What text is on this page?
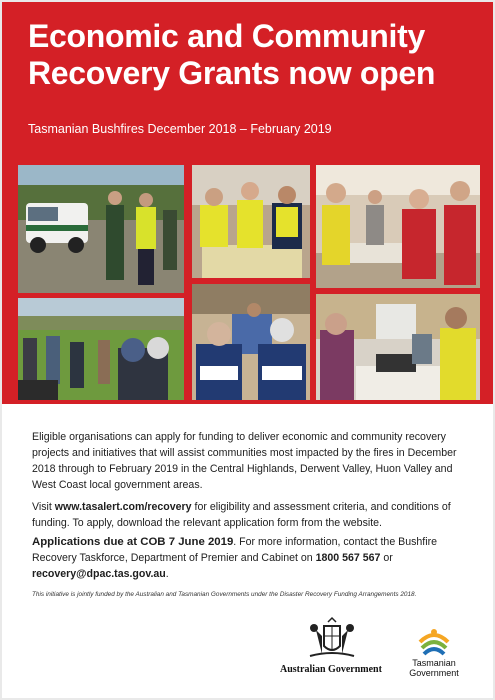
Economic and Community
Recovery Grants now open

Tasmanian Bushfires December 2018 – February 2019

Eligible organisations can apply for funding to deliver economic and community recovery projects and initiatives that will assist communities most impacted by the fires in December 2018 through to February 2019 in the Central Highlands, Derwent Valley, Huon Valley and West Coast local government areas.

Visit www.tasalert.com/recovery for eligibility and assessment criteria, and conditions of funding. To apply, download the relevant application form from the website.

Applications due at COB 7 June 2019. For more information, contact the Bushfire Recovery Taskforce, Department of Premier and Cabinet on 1800 567 567 or recovery@dpac.tas.gov.au.

This initiative is jointly funded by the Australian and Tasmanian Governments under the Disaster Recovery Funding Arrangements 2018.

Australian Government
Tasmanian
Government
